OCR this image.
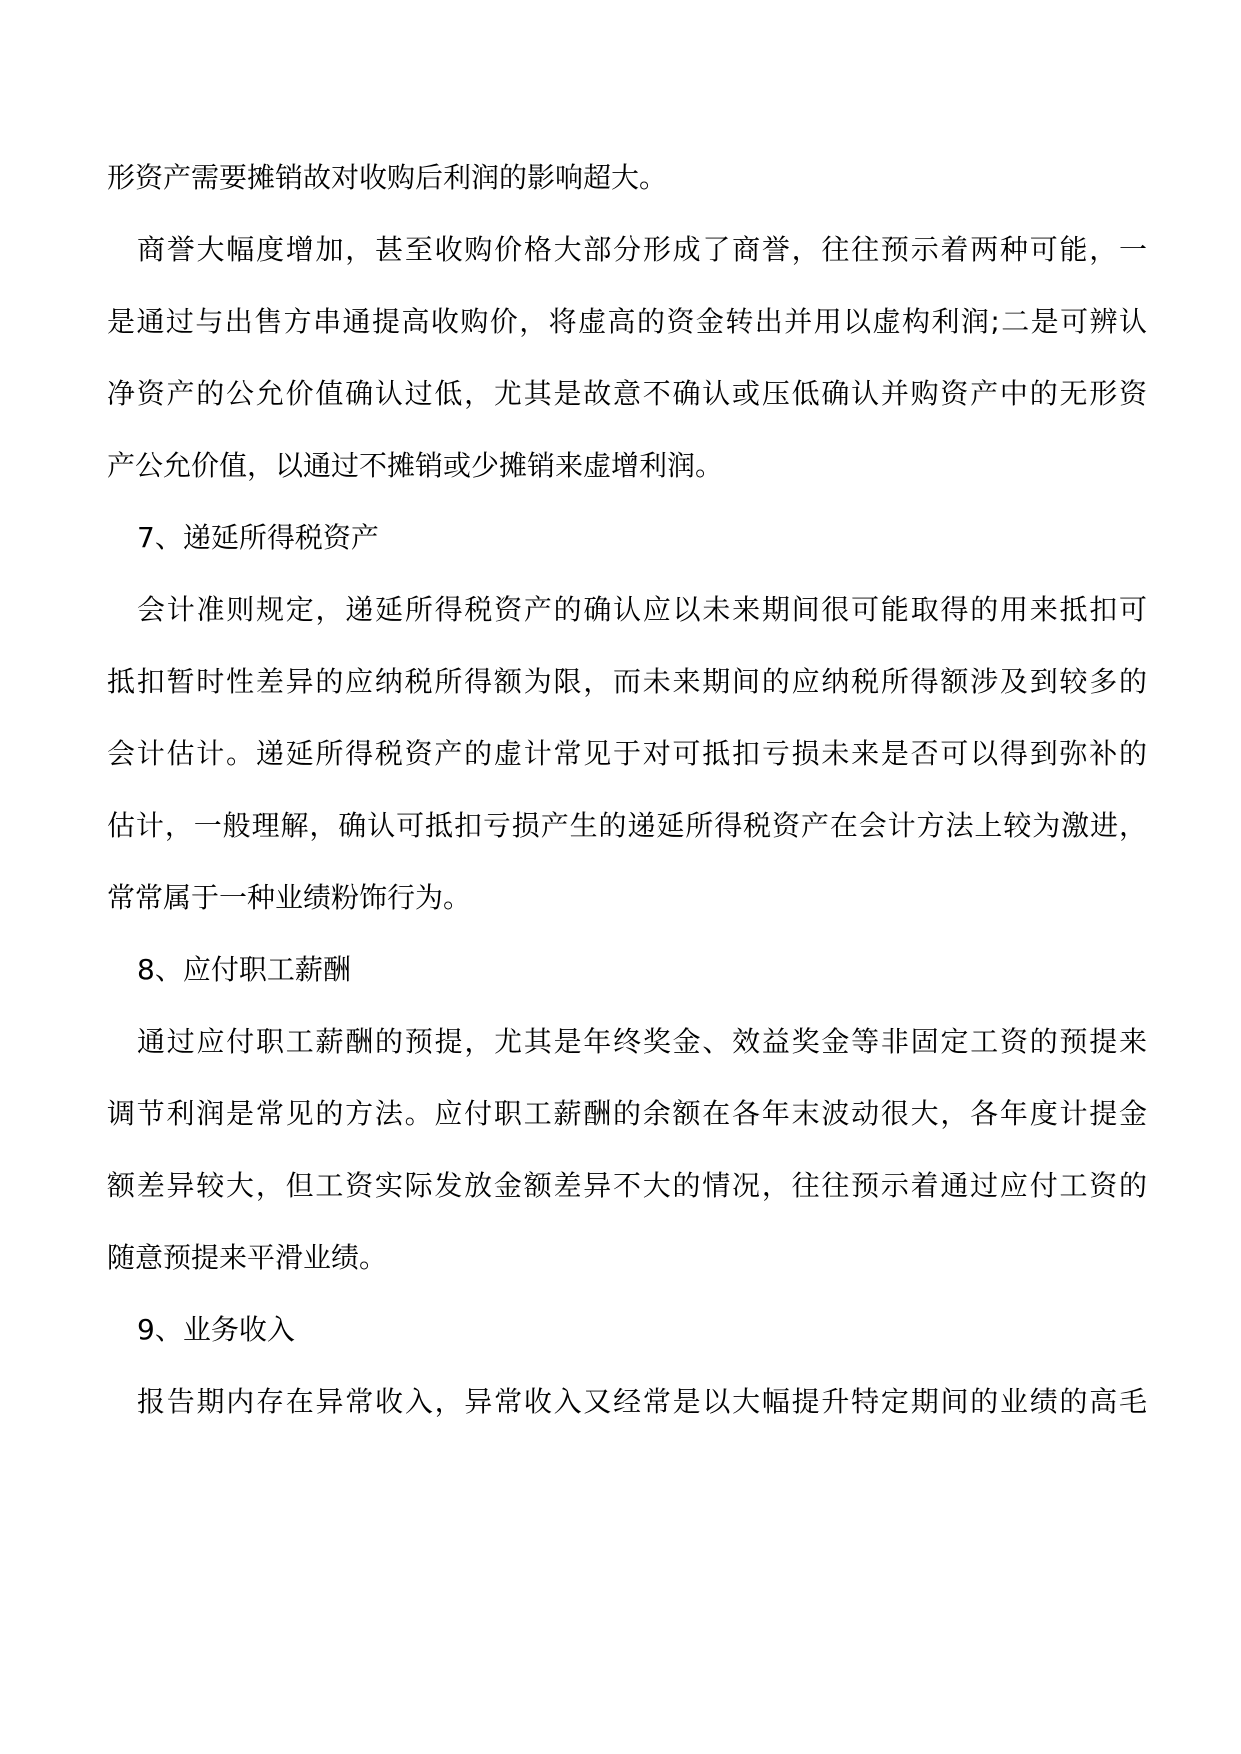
形资产需要摊销故对收购后利润的影响超大。
商誉大幅度增加，甚至收购价格大部分形成了商誉，往往预示着两种可能，一
是通过与出售方串通提高收购价，将虚高的资金转出并用以虚构利润;二是可辨认
净资产的公允价值确认过低，尤其是故意不确认或压低确认并购资产中的无形资
产公允价值，以通过不摊销或少摊销来虚增利润。
7、递延所得税资产
会计准则规定，递延所得税资产的确认应以未来期间很可能取得的用来抵扣可
抵扣暂时性差异的应纳税所得额为限，而未来期间的应纳税所得额涉及到较多的
会计估计。递延所得税资产的虚计常见于对可抵扣亏损未来是否可以得到弥补的
估计，一般理解，确认可抵扣亏损产生的递延所得税资产在会计方法上较为激进，
常常属于一种业绩粉饰行为。
8、应付职工薪酬
通过应付职工薪酬的预提，尤其是年终奖金、效益奖金等非固定工资的预提来
调节利润是常见的方法。应付职工薪酬的余额在各年末波动很大，各年度计提金
额差异较大，但工资实际发放金额差异不大的情况，往往预示着通过应付工资的
随意预提来平滑业绩。
9、业务收入
报告期内存在异常收入，异常收入又经常是以大幅提升特定期间的业绩的高毛
